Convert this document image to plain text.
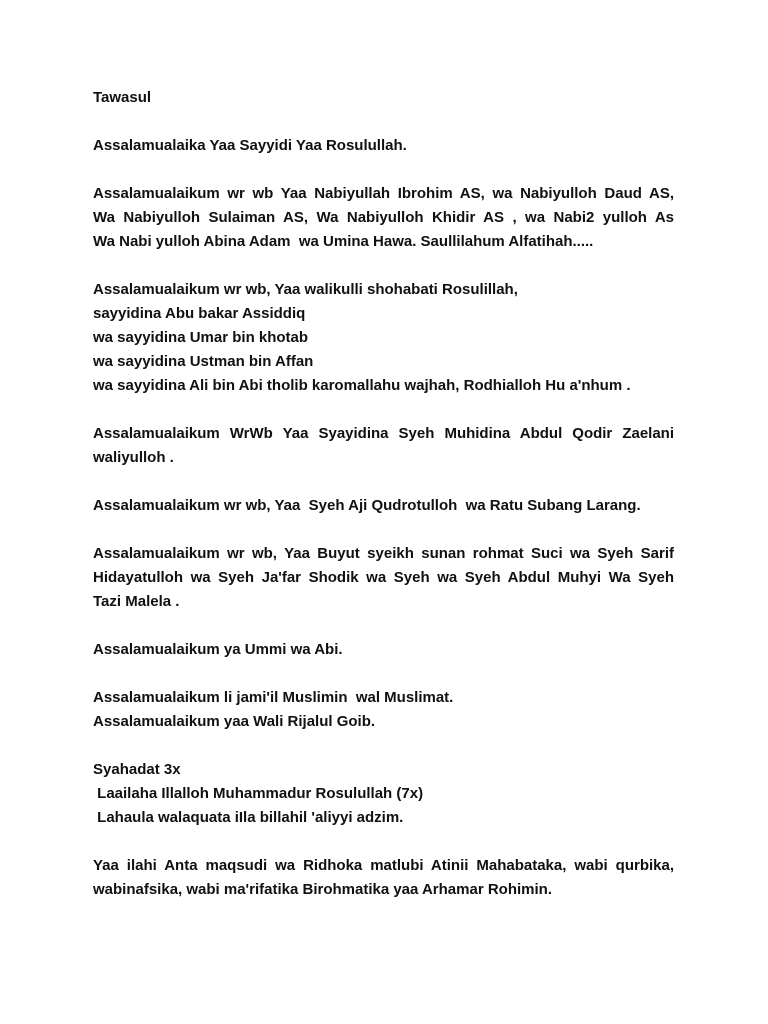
Tawasul
Assalamualaika Yaa Sayyidi Yaa Rosulullah.
Assalamualaikum wr wb Yaa Nabiyullah Ibrohim AS, wa Nabiyulloh Daud AS,
Wa Nabiyulloh Sulaiman AS, Wa Nabiyulloh Khidir AS , wa Nabi2 yulloh As
Wa Nabi yulloh Abina Adam  wa Umina Hawa. Saullilahum Alfatihah.....
Assalamualaikum wr wb, Yaa walikulli shohabati Rosulillah,
sayyidina Abu bakar Assiddiq
wa sayyidina Umar bin khotab
wa sayyidina Ustman bin Affan
wa sayyidina Ali bin Abi tholib karomallahu wajhah, Rodhialloh Hu a'nhum .
Assalamualaikum WrWb Yaa Syayidina Syeh Muhidina Abdul Qodir Zaelani
waliyulloh .
Assalamualaikum wr wb, Yaa  Syeh Aji Qudrotulloh  wa Ratu Subang Larang.
Assalamualaikum wr wb, Yaa Buyut syeikh sunan rohmat Suci wa Syeh Sarif
Hidayatulloh wa Syeh Ja'far Shodik wa Syeh wa Syeh Abdul Muhyi Wa Syeh
Tazi Malela .
Assalamualaikum ya Ummi wa Abi.
Assalamualaikum li jami'il Muslimin  wal Muslimat.
Assalamualaikum yaa Wali Rijalul Goib.
Syahadat 3x
Laailaha Illalloh Muhammadur Rosulullah (7x)
Lahaula walaquata iIla billahil 'aliyyi adzim.
Yaa ilahi Anta maqsudi wa Ridhoka matlubi Atinii Mahabataka, wabi qurbika,
wabinafsika, wabi ma'rifatika Birohmatika yaa Arhamar Rohimin.
